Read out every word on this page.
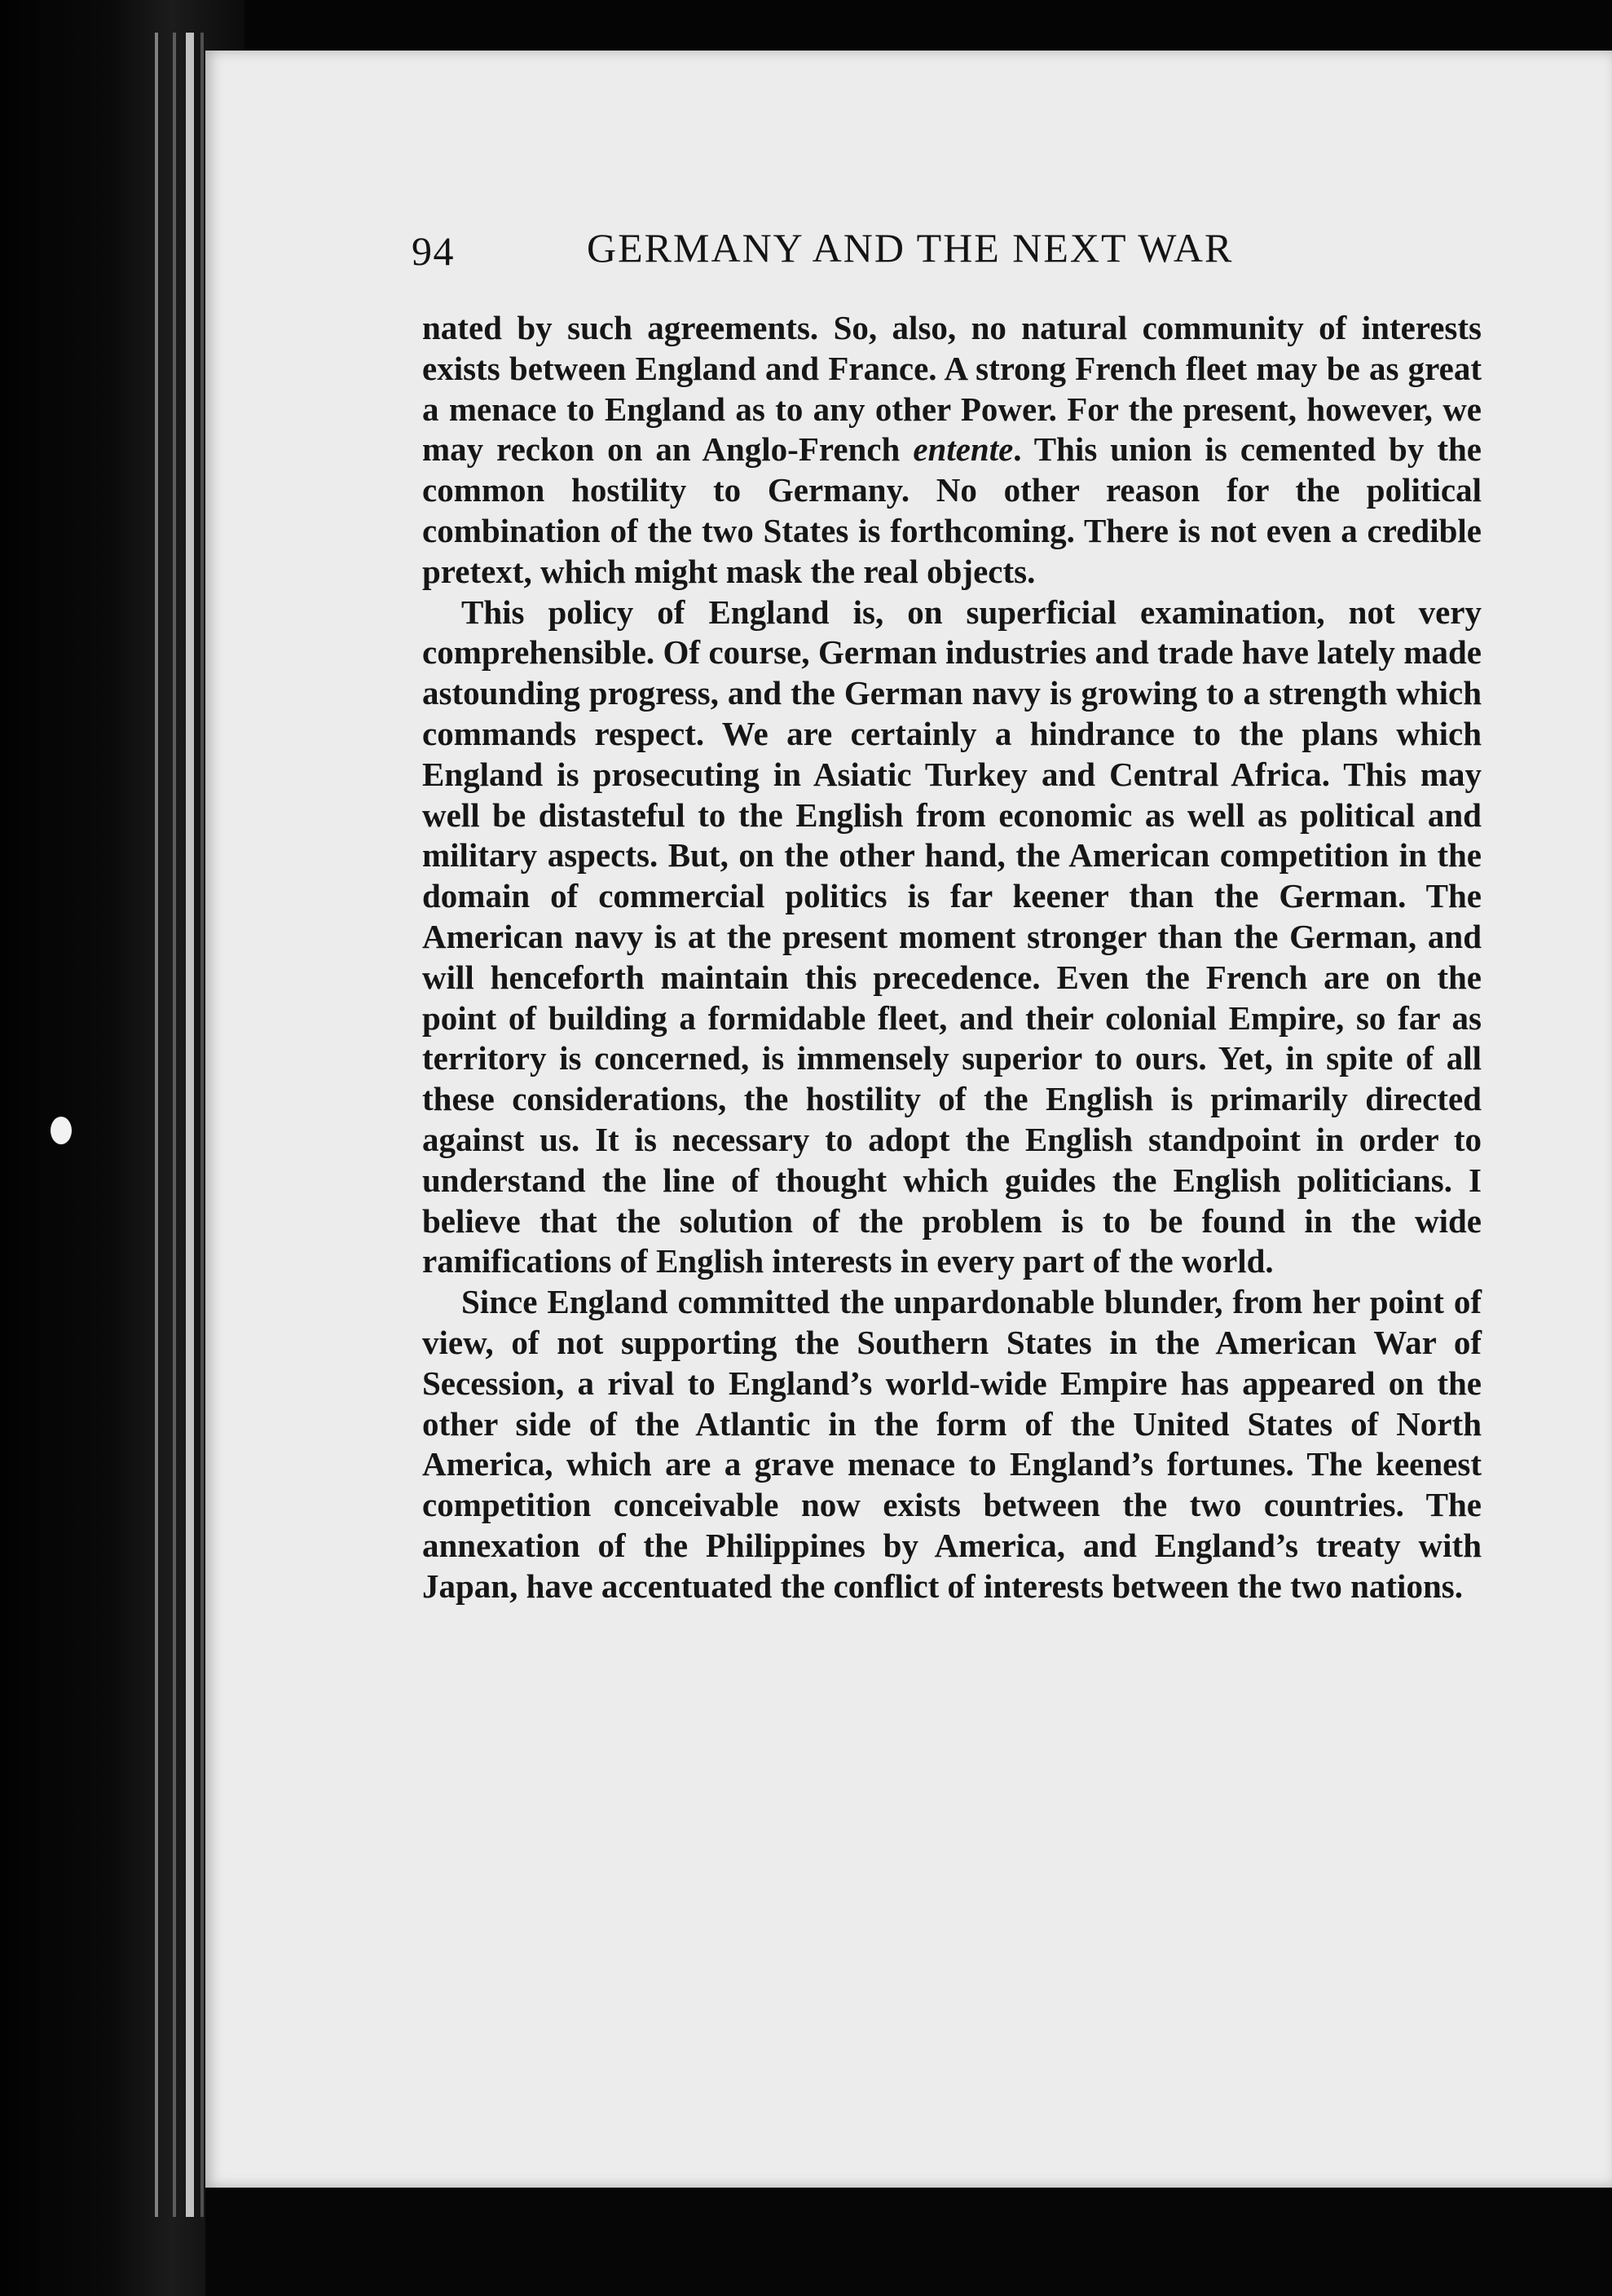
94	GERMANY AND THE NEXT WAR

nated by such agreements. So, also, no natural community of interests exists between England and France. A strong French fleet may be as great a menace to England as to any other Power. For the present, however, we may reckon on an Anglo-French entente. This union is cemented by the common hostility to Germany. No other reason for the political combination of the two States is forthcoming. There is not even a credible pretext, which might mask the real objects.

This policy of England is, on superficial examination, not very comprehensible. Of course, German industries and trade have lately made astounding progress, and the German navy is growing to a strength which commands respect. We are certainly a hindrance to the plans which England is prosecuting in Asiatic Turkey and Central Africa. This may well be distasteful to the English from economic as well as political and military aspects. But, on the other hand, the American competition in the domain of commercial politics is far keener than the German. The American navy is at the present moment stronger than the German, and will henceforth maintain this precedence. Even the French are on the point of building a formidable fleet, and their colonial Empire, so far as territory is concerned, is immensely superior to ours. Yet, in spite of all these considerations, the hostility of the English is primarily directed against us. It is necessary to adopt the English standpoint in order to understand the line of thought which guides the English politicians. I believe that the solution of the problem is to be found in the wide ramifications of English interests in every part of the world.

Since England committed the unpardonable blunder, from her point of view, of not supporting the Southern States in the American War of Secession, a rival to England’s world-wide Empire has appeared on the other side of the Atlantic in the form of the United States of North America, which are a grave menace to England’s fortunes. The keenest competition conceivable now exists between the two countries. The annexation of the Philippines by America, and England’s treaty with Japan, have accentuated the conflict of interests between the two nations.
